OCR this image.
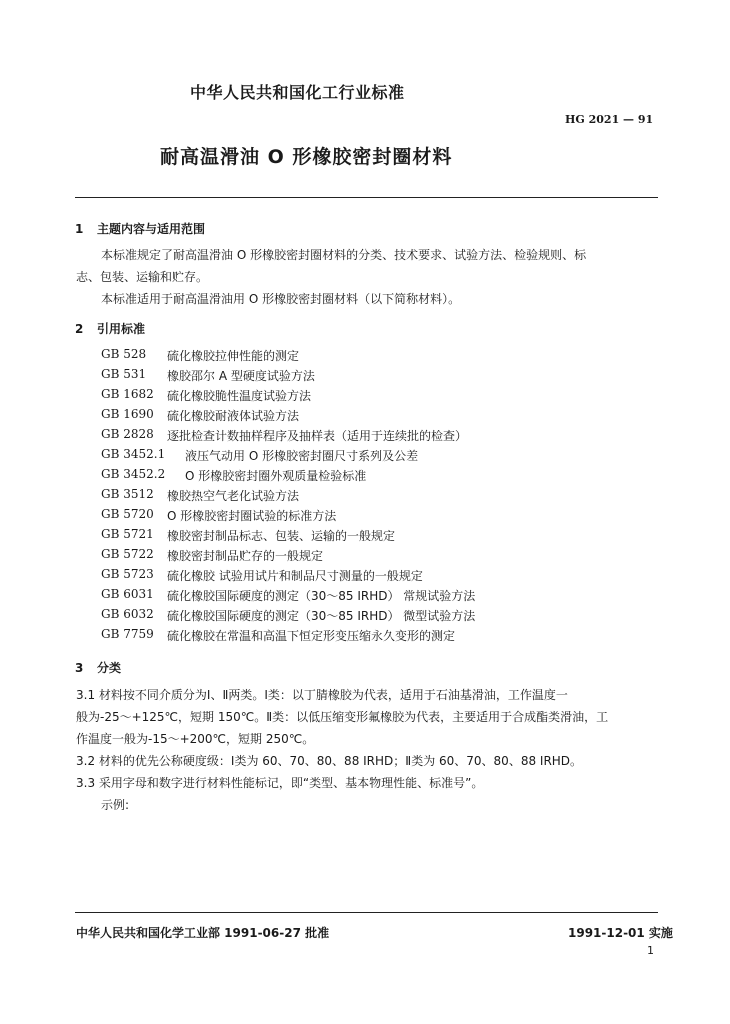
中华人民共和国化工行业标准
HG 2021 — 91
耐高温滑油 O 形橡胶密封圈材料
1 主题内容与适用范围
本标准规定了耐高温滑油 O 形橡胶密封圈材料的分类、技术要求、试验方法、检验规则、标
志、包装、运输和贮存。
本标准适用于耐高温滑油用 O 形橡胶密封圈材料（以下简称材料）。
2 引用标准
GB 528 硫化橡胶拉伸性能的测定
GB 531 橡胶邵尔 A 型硬度试验方法
GB 1682 硫化橡胶脆性温度试验方法
GB 1690 硫化橡胶耐液体试验方法
GB 2828 逐批检查计数抽样程序及抽样表（适用于连续批的检查）
GB 3452.1 液压气动用 O 形橡胶密封圈尺寸系列及公差
GB 3452.2 O 形橡胶密封圈外观质量检验标准
GB 3512 橡胶热空气老化试验方法
GB 5720 O 形橡胶密封圈试验的标准方法
GB 5721 橡胶密封制品标志、包装、运输的一般规定
GB 5722 橡胶密封制品贮存的一般规定
GB 5723 硫化橡胶 试验用试片和制品尺寸测量的一般规定
GB 6031 硫化橡胶国际硬度的测定（30～85 IRHD） 常规试验方法
GB 6032 硫化橡胶国际硬度的测定（30～85 IRHD） 微型试验方法
GB 7759 硫化橡胶在常温和高温下恒定形变压缩永久变形的测定
3 分类
3.1 材料按不同介质分为Ⅰ、Ⅱ两类。Ⅰ类：以丁腈橡胶为代表，适用于石油基滑油，工作温度一
般为-25～+125℃，短期 150℃。Ⅱ类：以低压缩变形氟橡胶为代表，主要适用于合成酯类滑油，工
作温度一般为-15～+200℃，短期 250℃。
3.2 材料的优先公称硬度级：Ⅰ类为 60、70、80、88 IRHD；Ⅱ类为 60、70、80、88 IRHD。
3.3 采用字母和数字进行材料性能标记，即“类型、基本物理性能、标准号”。
示例:
中华人民共和国化学工业部 1991-06-27 批准	1991-12-01 实施
1
